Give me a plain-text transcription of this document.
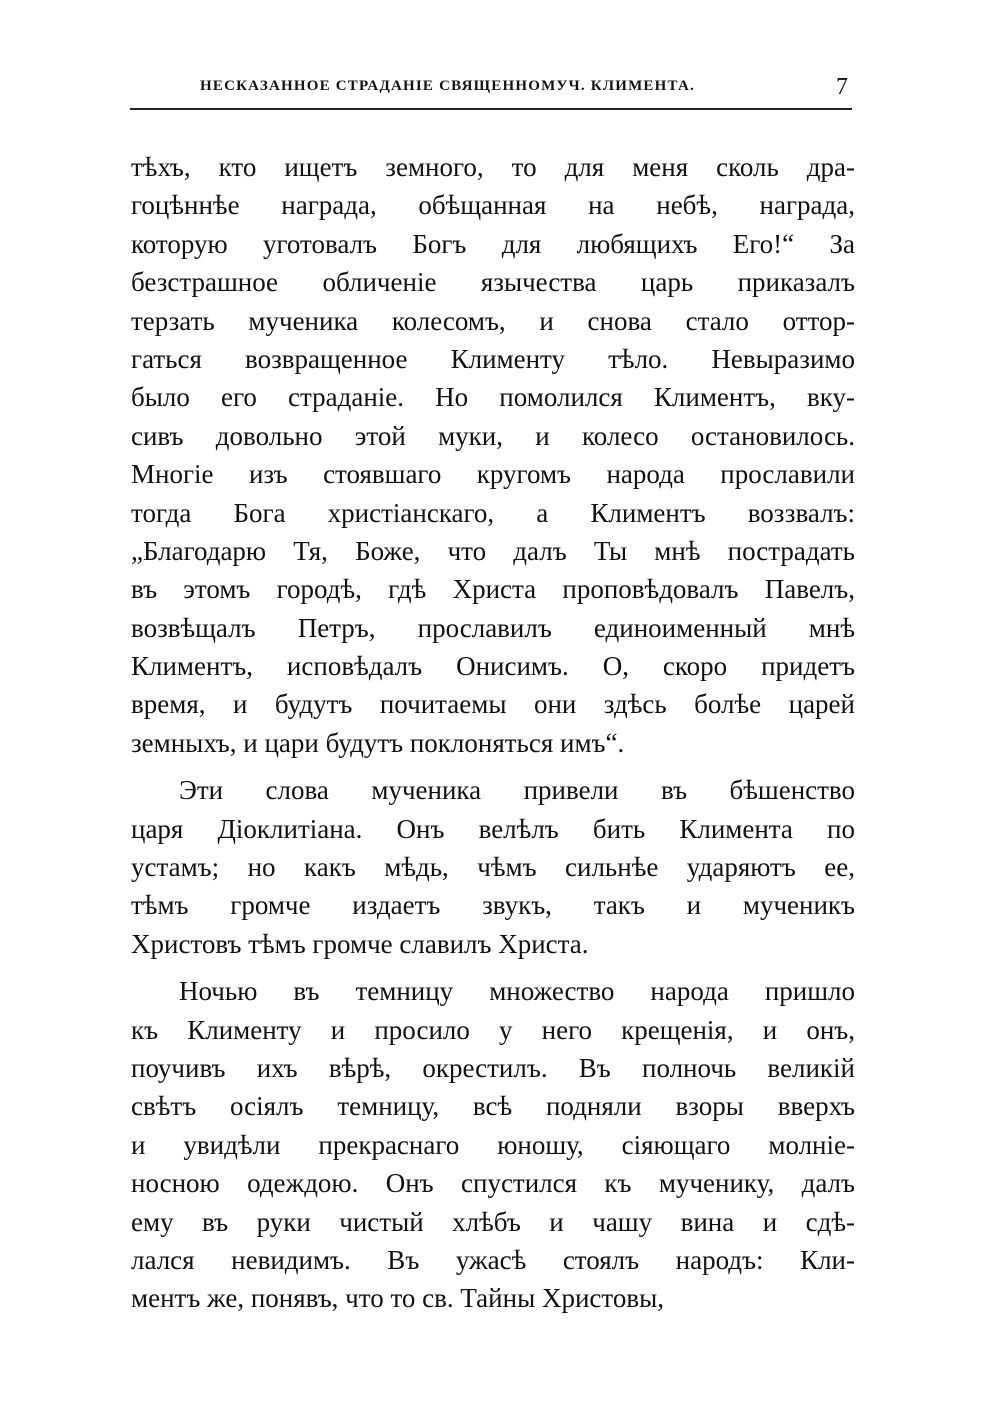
НЕСКАЗАННОЕ СТРАДАНІЕ СВЯЩЕННОМУЧ. КЛИМЕНТА.	7
тѣхъ, кто ищетъ земного, то для меня сколь дра-
гоцѣннѣе награда, обѣщанная на небѣ, награда,
которую уготовалъ Богъ для любящихъ Его!“ За
безстрашное обличеніе язычества царь приказалъ
терзать мученика колесомъ, и снова стало оттор-
гаться возвращенное Клименту тѣло. Невыразимо
было его страданіе. Но помолился Климентъ, вку-
сивъ довольно этой муки, и колесо остановилось.
Многіе изъ стоявшаго кругомъ народа прославили
тогда Бога христіанскаго, а Климентъ воззвалъ:
„Благодарю Тя, Боже, что далъ Ты мнѣ пострадать
въ этомъ городѣ, гдѣ Христа проповѣдовалъ Павелъ,
возвѣщалъ Петръ, прославилъ единоименный мнѣ
Климентъ, исповѣдалъ Онисимъ. О, скоро придетъ
время, и будутъ почитаемы они здѣсь болѣе царей
земныхъ, и цари будутъ поклоняться имъ“.
Эти слова мученика привели въ бѣшенство
царя Діоклитіана. Онъ велѣлъ бить Климента по
устамъ; но какъ мѣдь, чѣмъ сильнѣе ударяютъ ее,
тѣмъ громче издаетъ звукъ, такъ и мученикъ
Христовъ тѣмъ громче славилъ Христа.
Ночью въ темницу множество народа пришло
къ Клименту и просило у него крещенія, и онъ,
поучивъ ихъ вѣрѣ, окрестилъ. Въ полночь великій
свѣтъ осіялъ темницу, всѣ подняли взоры вверхъ
и увидѣли прекраснаго юношу, сіяющаго молніе-
носною одеждою. Онъ спустился къ мученику, далъ
ему въ руки чистый хлѣбъ и чашу вина и сдѣ-
лался невидимъ. Въ ужасѣ стоялъ народъ: Кли-
ментъ же, понявъ, что то св. Тайны Христовы,
